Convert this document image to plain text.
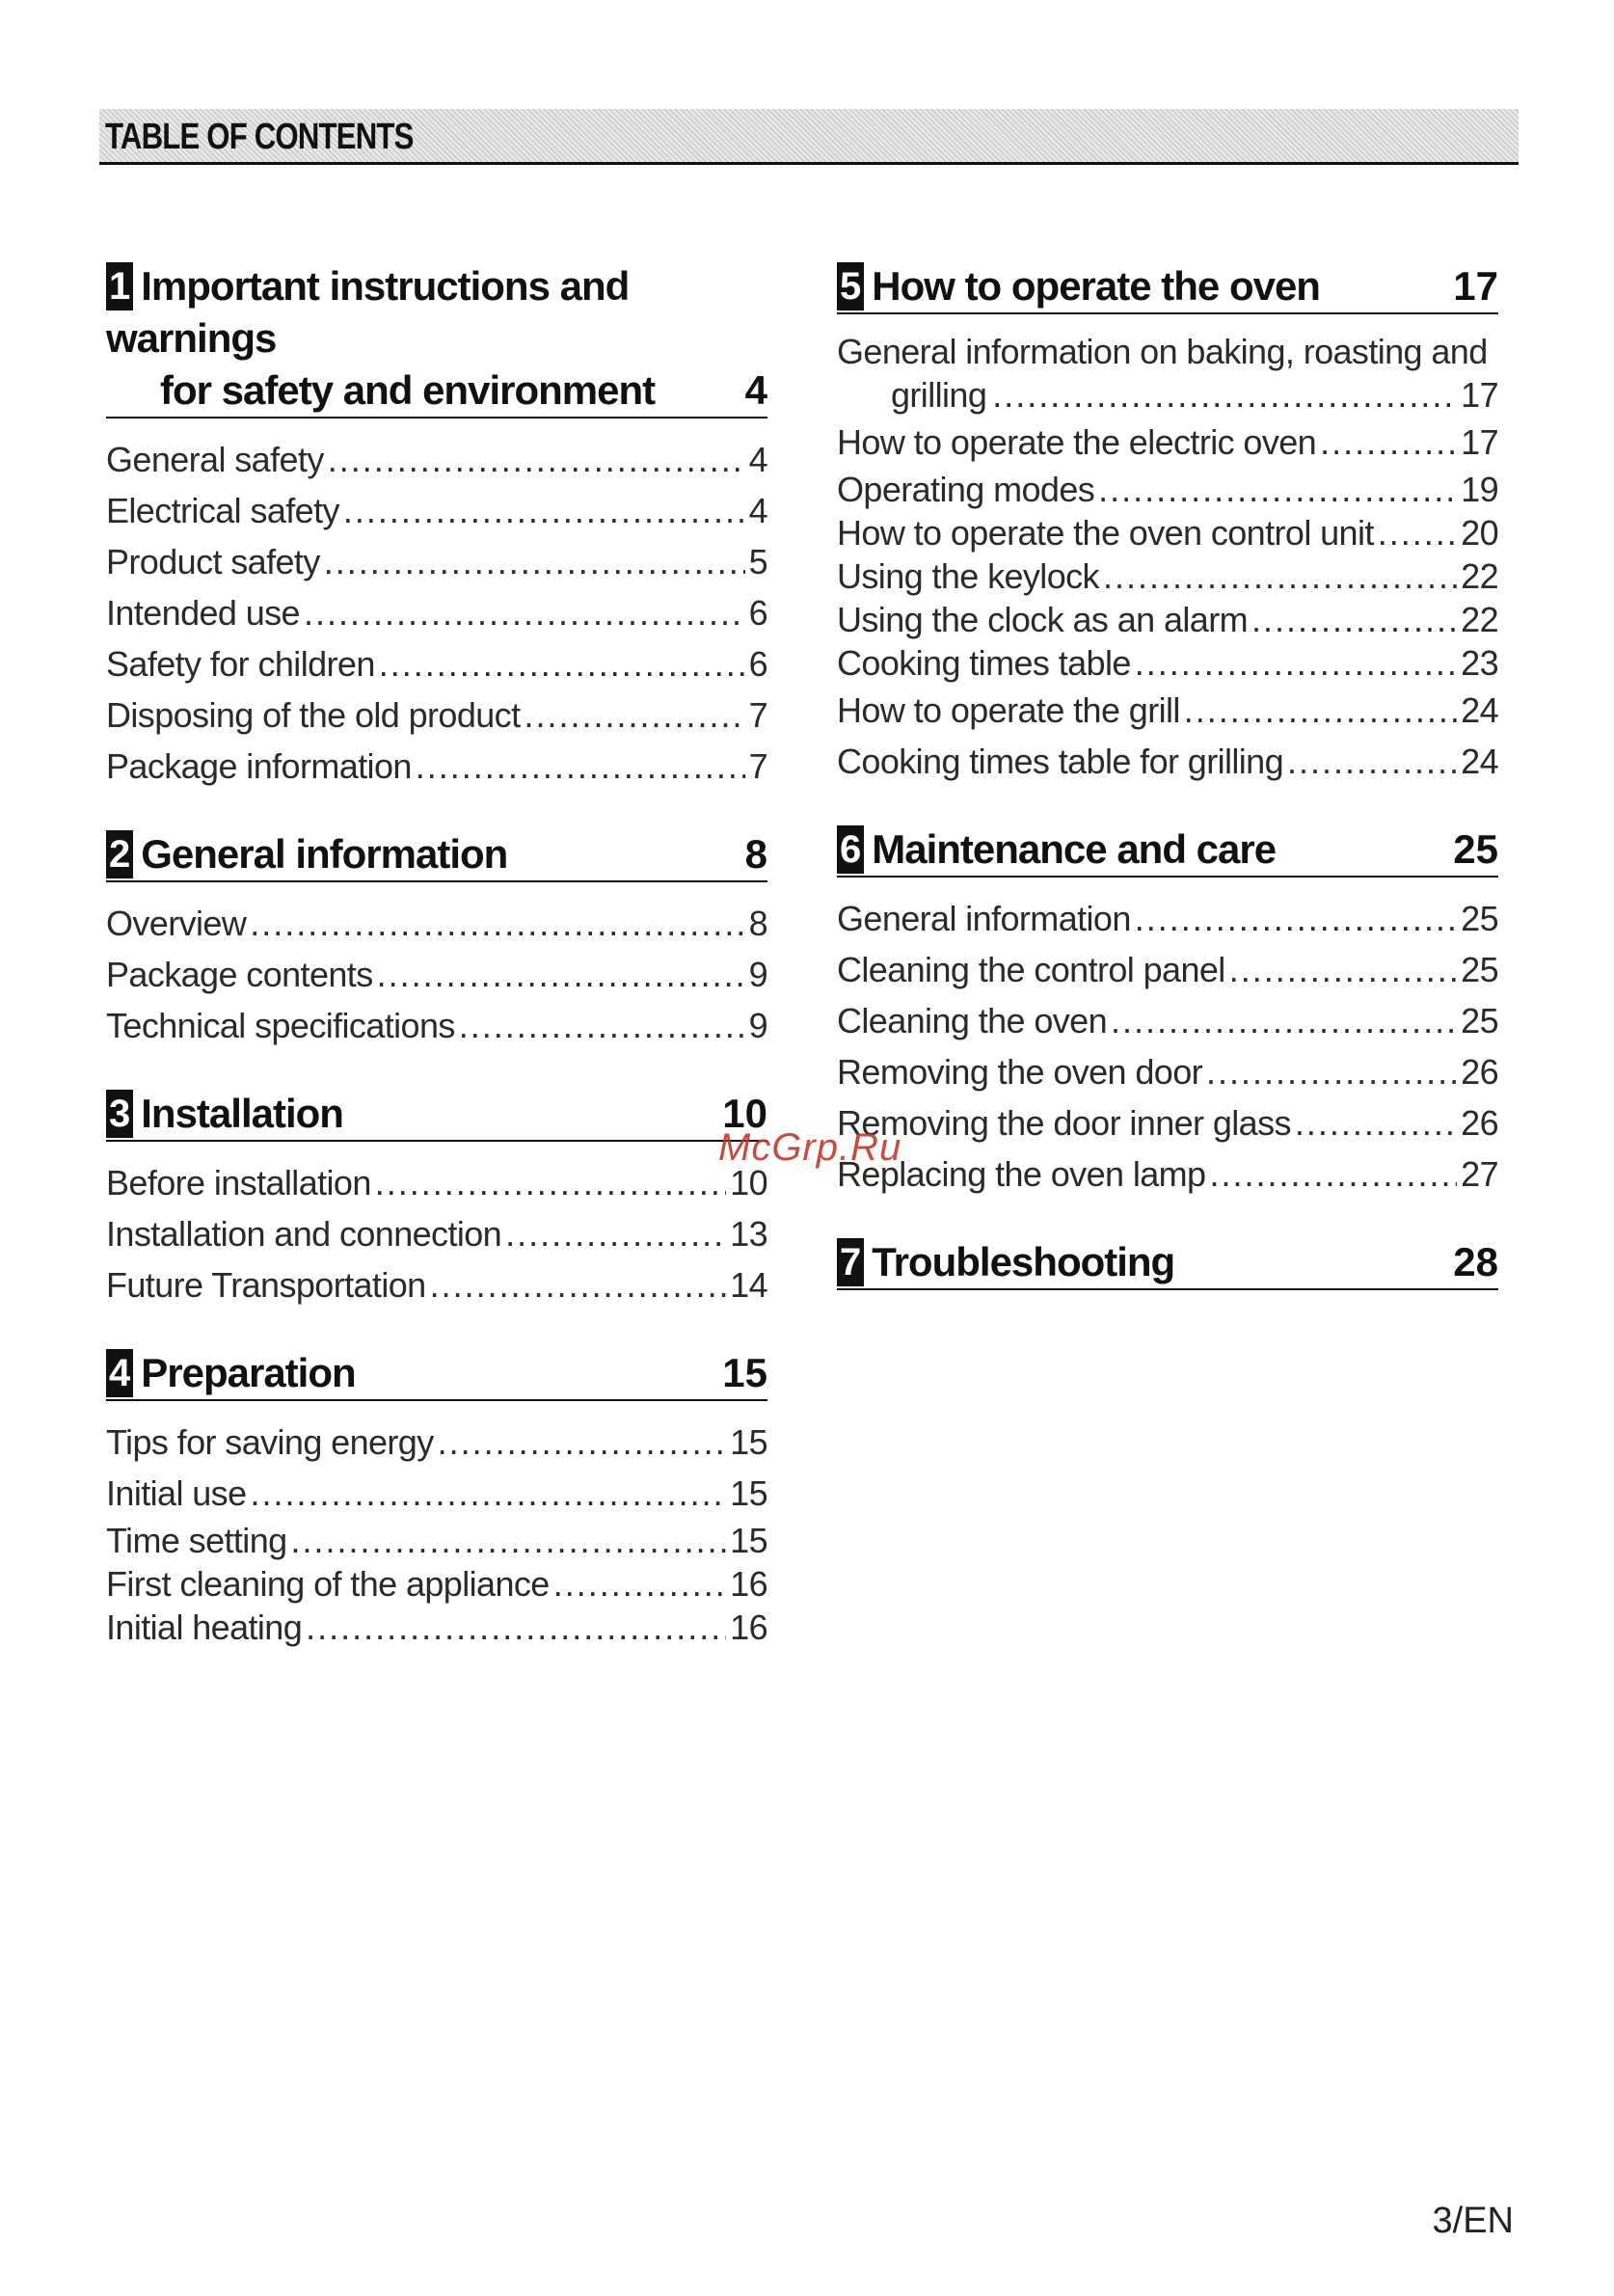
TABLE OF CONTENTS
1 Important instructions and warnings
for safety and environment	4
General safety .....	4
Electrical safety .....	4
Product safety .....	5
Intended use .....	6
Safety for children .....	6
Disposing of the old product .....	7
Package information .....	7
2 General information	8
Overview .....	8
Package contents .....	9
Technical specifications .....	9
3 Installation	10
Before installation .....	10
Installation and connection .....	13
Future Transportation .....	14
4 Preparation	15
Tips for saving energy .....	15
Initial use .....	15
Time setting .....	15
First cleaning of the appliance .....	16
Initial heating .....	16
5 How to operate the oven	17
General information on baking, roasting and
grilling .....	17
How to operate the electric oven .....	17
Operating modes .....	19
How to operate the oven control unit .....	20
Using the keylock .....	22
Using the clock as an alarm .....	22
Cooking times table .....	23
How to operate the grill .....	24
Cooking times table for grilling .....	24
6 Maintenance and care	25
General information .....	25
Cleaning the control panel .....	25
Cleaning the oven .....	25
Removing the oven door .....	26
Removing the door inner glass .....	26
Replacing the oven lamp .....	27
7 Troubleshooting	28
McGrp.Ru
3/EN
